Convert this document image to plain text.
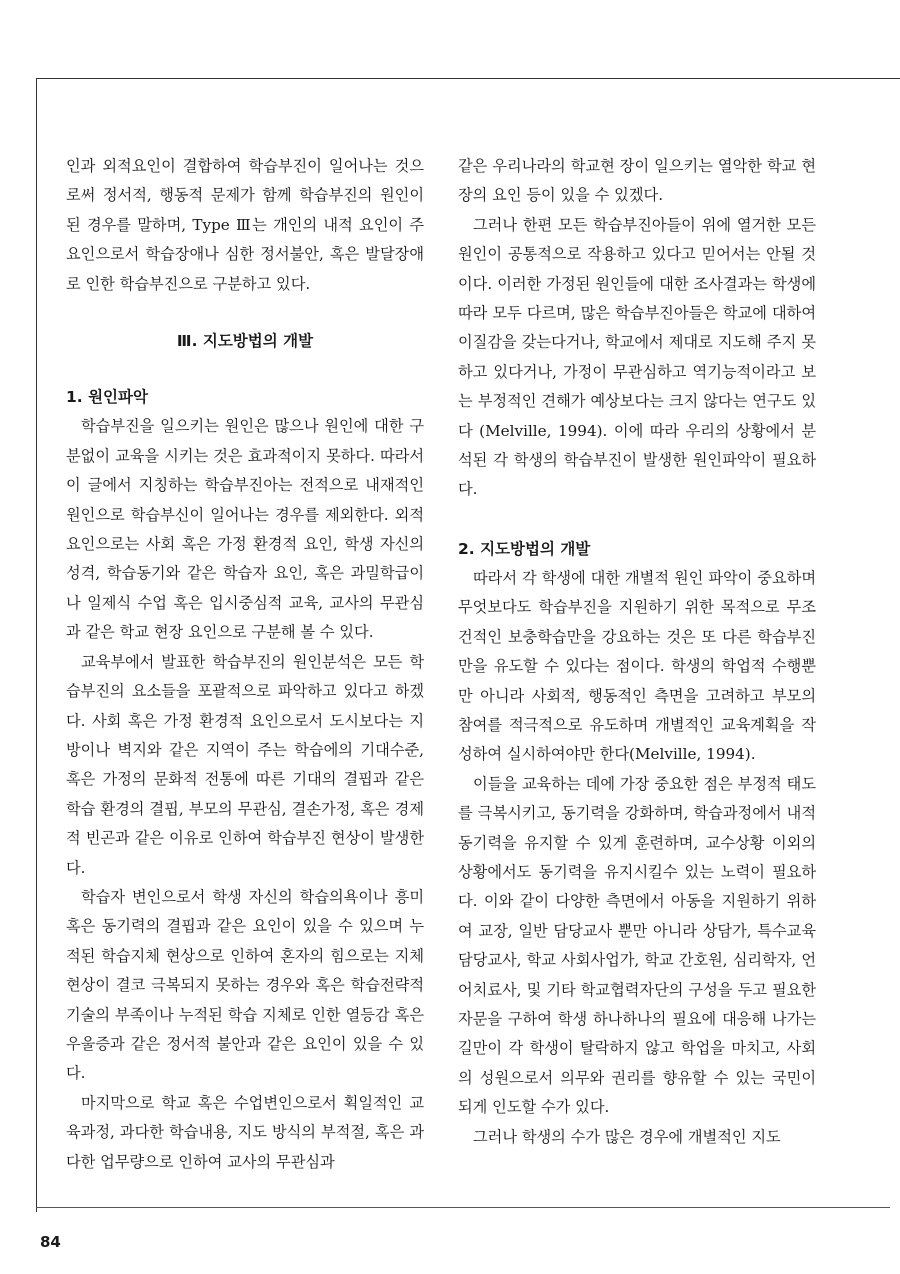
인과 외적요인이 결합하여 학습부진이 일어나는 것으로써 정서적, 행동적 문제가 함께 학습부진의 원인이 된 경우를 말하며, Type Ⅲ는 개인의 내적 요인이 주 요인으로서 학습장애나 심한 정서불안, 혹은 발달장애로 인한 학습부진으로 구분하고 있다.

Ⅲ. 지도방법의 개발
1. 원인파악

학습부진을 일으키는 원인은 많으나 원인에 대한 구분없이 교육을 시키는 것은 효과적이지 못하다. 따라서 이 글에서 지칭하는 학습부진아는 전적으로 내재적인 원인으로 학습부신이 일어나는 경우를 제외한다. 외적 요인으로는 사회 혹은 가정 환경적 요인, 학생 자신의 성격, 학습동기와 같은 학습자 요인, 혹은 과밀학급이나 일제식 수업 혹은 입시중심적 교육, 교사의 무관심과 같은 학교 현장 요인으로 구분해 볼 수 있다.

교육부에서 발표한 학습부진의 원인분석은 모든 학습부진의 요소들을 포괄적으로 파악하고 있다고 하겠다. 사회 혹은 가정 환경적 요인으로서 도시보다는 지방이나 벽지와 같은 지역이 주는 학습에의 기대수준, 혹은 가정의 문화적 전통에 따른 기대의 결핍과 같은 학습 환경의 결핍, 부모의 무관심, 결손가정, 혹은 경제적 빈곤과 같은 이유로 인하여 학습부진 현상이 발생한다.

학습자 변인으로서 학생 자신의 학습의욕이나 흥미 혹은 동기력의 결핍과 같은 요인이 있을 수 있으며 누적된 학습지체 현상으로 인하여 혼자의 힘으로는 지체 현상이 결코 극복되지 못하는 경우와 혹은 학습전략적 기술의 부족이나 누적된 학습 지체로 인한 열등감 혹은 우울증과 같은 정서적 불안과 같은 요인이 있을 수 있다.

마지막으로 학교 혹은 수업변인으로서 획일적인 교육과정, 과다한 학습내용, 지도 방식의 부적절, 혹은 과다한 업무량으로 인하여 교사의 무관심과

같은 우리나라의 학교현 장이 일으키는 열악한 학교 현장의 요인 등이 있을 수 있겠다.

그러나 한편 모든 학습부진아들이 위에 열거한 모든 원인이 공통적으로 작용하고 있다고 믿어서는 안될 것이다. 이러한 가정된 원인들에 대한 조사결과는 학생에 따라 모두 다르며, 많은 학습부진아들은 학교에 대하여 이질감을 갖는다거나, 학교에서 제대로 지도해 주지 못하고 있다거나, 가정이 무관심하고 역기능적이라고 보는 부정적인 견해가 예상보다는 크지 않다는 연구도 있다 (Melville, 1994). 이에 따라 우리의 상황에서 분석된 각 학생의 학습부진이 발생한 원인파악이 필요하다.

2. 지도방법의 개발

따라서 각 학생에 대한 개별적 원인 파악이 중요하며 무엇보다도 학습부진을 지원하기 위한 목적으로 무조건적인 보충학습만을 강요하는 것은 또 다른 학습부진만을 유도할 수 있다는 점이다. 학생의 학업적 수행뿐만 아니라 사회적, 행동적인 측면을 고려하고 부모의 참여를 적극적으로 유도하며 개별적인 교육계획을 작성하여 실시하여야만 한다(Melville, 1994).

이들을 교육하는 데에 가장 중요한 점은 부정적 태도를 극복시키고, 동기력을 강화하며, 학습과정에서 내적 동기력을 유지할 수 있게 훈련하며, 교수상황 이외의 상황에서도 동기력을 유지시킬수 있는 노력이 필요하다. 이와 같이 다양한 측면에서 아동을 지원하기 위하여 교장, 일반 담당교사 뿐만 아니라 상담가, 특수교육 담당교사, 학교 사회사업가, 학교 간호원, 심리학자, 언어치료사, 및 기타 학교협력자단의 구성을 두고 필요한 자문을 구하여 학생 하나하나의 필요에 대응해 나가는 길만이 각 학생이 탈락하지 않고 학업을 마치고, 사회의 성원으로서 의무와 권리를 향유할 수 있는 국민이 되게 인도할 수가 있다.

그러나 학생의 수가 많은 경우에 개별적인 지도

84
